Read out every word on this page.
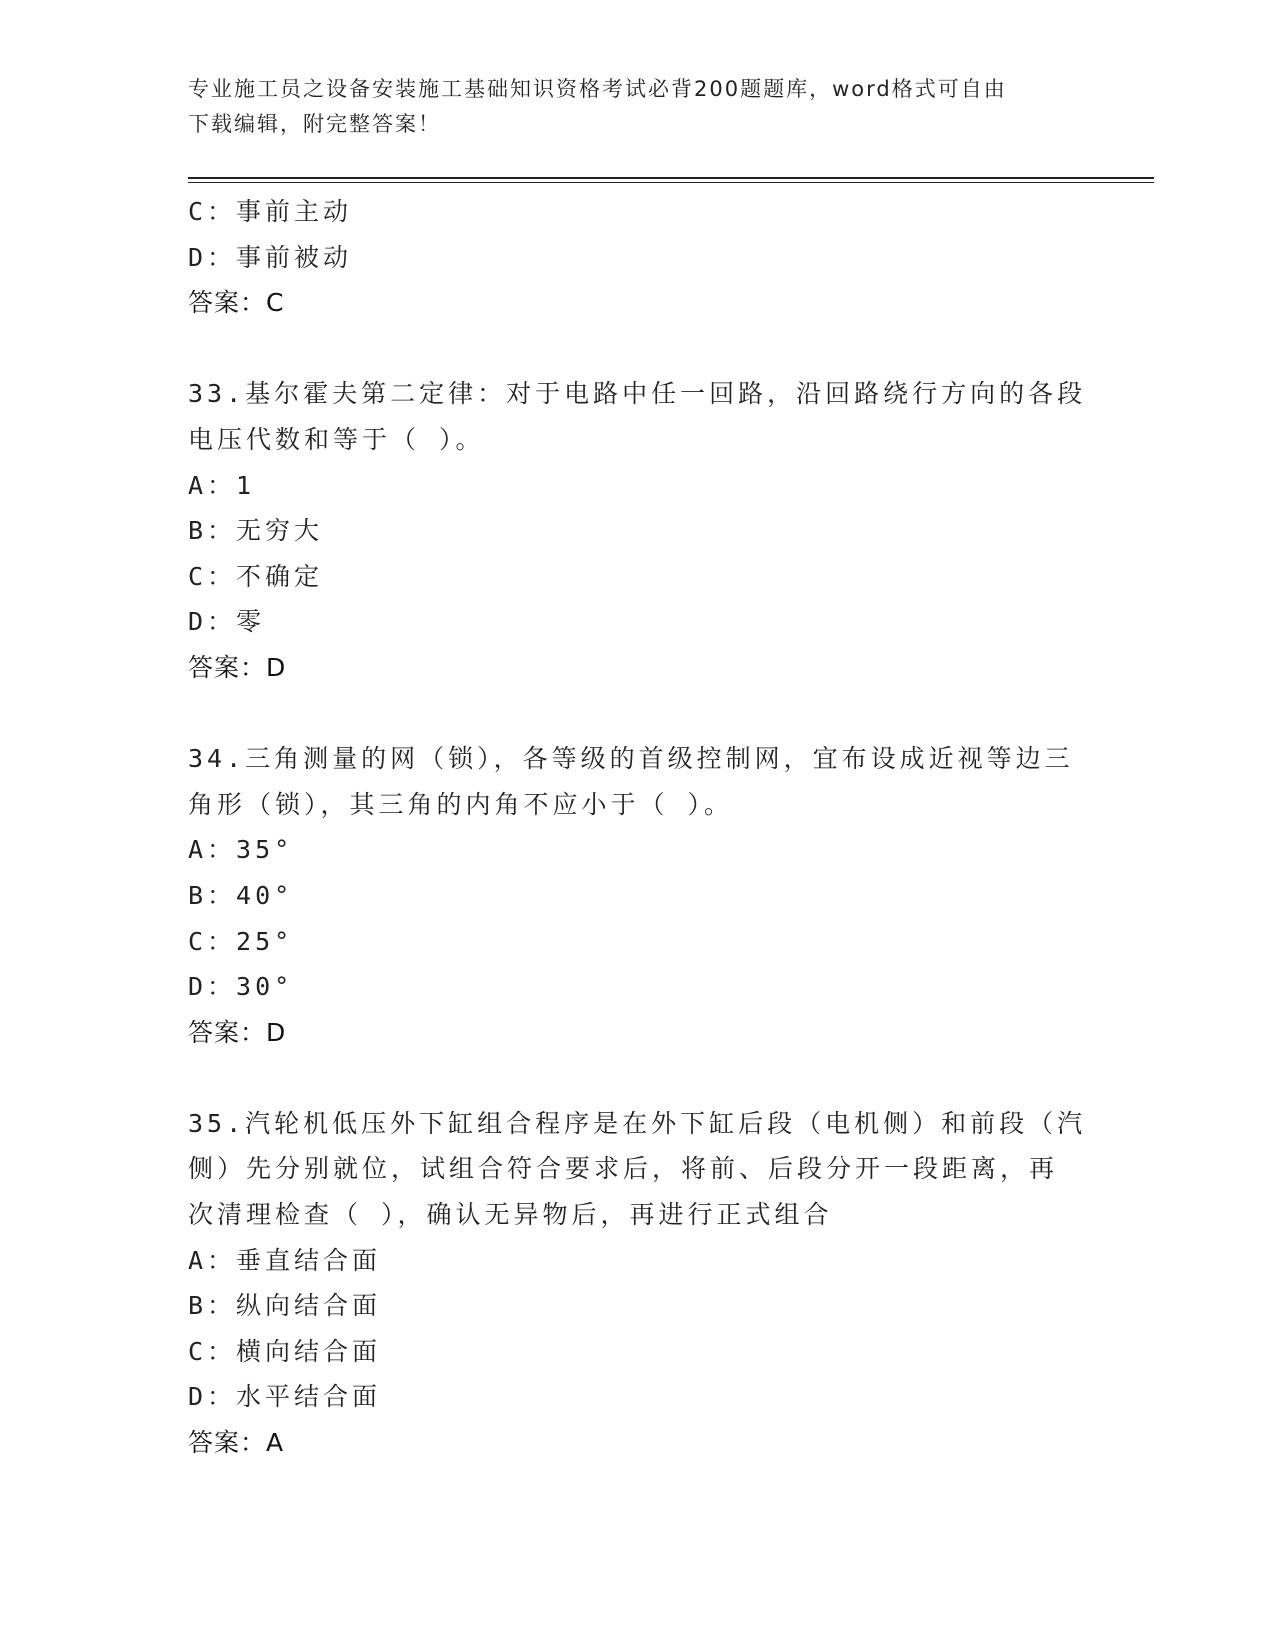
专业施工员之设备安装施工基础知识资格考试必背200题题库，word格式可自由
下载编辑，附完整答案！
C：事前主动
D：事前被动
答案：C
33.基尔霍夫第二定律：对于电路中任一回路，沿回路绕行方向的各段
电压代数和等于（ ）。
A：1
B：无穷大
C：不确定
D：零
答案：D
34.三角测量的网（锁），各等级的首级控制网，宜布设成近视等边三
角形（锁），其三角的内角不应小于（ ）。
A：35°
B：40°
C：25°
D：30°
答案：D
35.汽轮机低压外下缸组合程序是在外下缸后段（电机侧）和前段（汽
侧）先分别就位，试组合符合要求后，将前、后段分开一段距离，再
次清理检查（ ），确认无异物后，再进行正式组合
A：垂直结合面
B：纵向结合面
C：横向结合面
D：水平结合面
答案：A
